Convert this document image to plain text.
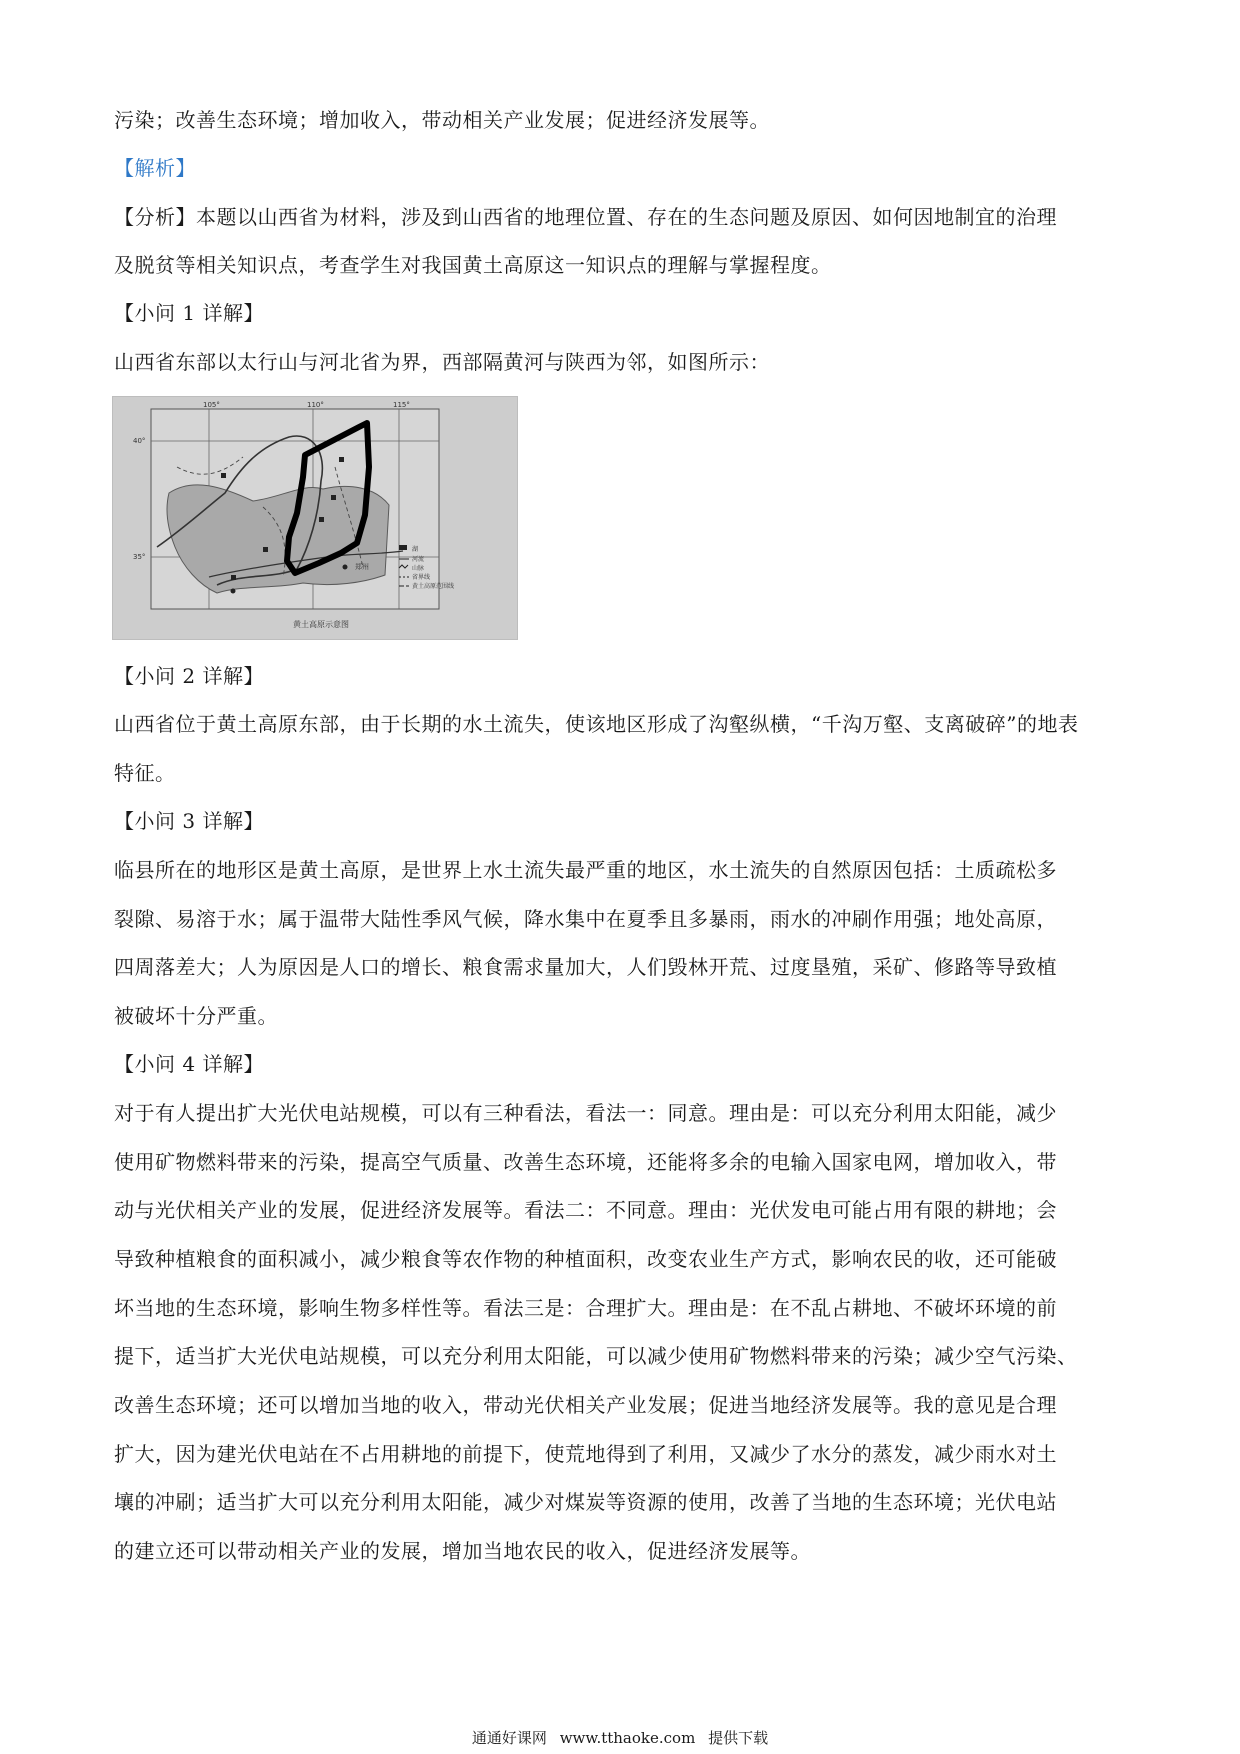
污染；改善生态环境；增加收入，带动相关产业发展；促进经济发展等。
【解析】
【分析】本题以山西省为材料，涉及到山西省的地理位置、存在的生态问题及原因、如何因地制宜的治理
及脱贫等相关知识点，考查学生对我国黄土高原这一知识点的理解与掌握程度。
【小问 1 详解】
山西省东部以太行山与河北省为界，西部隔黄河与陕西为邻，如图所示：
105°	110°	115°
40°
35°
郑州
湖
河流
山脉
省界线
黄土高原范围线
黄土高原示意图
【小问 2 详解】
山西省位于黄土高原东部，由于长期的水土流失，使该地区形成了沟壑纵横，“千沟万壑、支离破碎”的地表
特征。
【小问 3 详解】
临县所在的地形区是黄土高原，是世界上水土流失最严重的地区，水土流失的自然原因包括：土质疏松多
裂隙、易溶于水；属于温带大陆性季风气候，降水集中在夏季且多暴雨，雨水的冲刷作用强；地处高原，
四周落差大；人为原因是人口的增长、粮食需求量加大，人们毁林开荒、过度垦殖，采矿、修路等导致植
被破坏十分严重。
【小问 4 详解】
对于有人提出扩大光伏电站规模，可以有三种看法，看法一：同意。理由是：可以充分利用太阳能，减少
使用矿物燃料带来的污染，提高空气质量、改善生态环境，还能将多余的电输入国家电网，增加收入，带
动与光伏相关产业的发展，促进经济发展等。看法二：不同意。理由：光伏发电可能占用有限的耕地；会
导致种植粮食的面积减小，减少粮食等农作物的种植面积，改变农业生产方式，影响农民的收，还可能破
坏当地的生态环境，影响生物多样性等。看法三是：合理扩大。理由是：在不乱占耕地、不破坏环境的前
提下，适当扩大光伏电站规模，可以充分利用太阳能，可以减少使用矿物燃料带来的污染；减少空气污染、
改善生态环境；还可以增加当地的收入，带动光伏相关产业发展；促进当地经济发展等。我的意见是合理
扩大，因为建光伏电站在不占用耕地的前提下，使荒地得到了利用，又减少了水分的蒸发，减少雨水对土
壤的冲刷；适当扩大可以充分利用太阳能，减少对煤炭等资源的使用，改善了当地的生态环境；光伏电站
的建立还可以带动相关产业的发展，增加当地农民的收入，促进经济发展等。
通通好课网 www.tthaoke.com 提供下载
